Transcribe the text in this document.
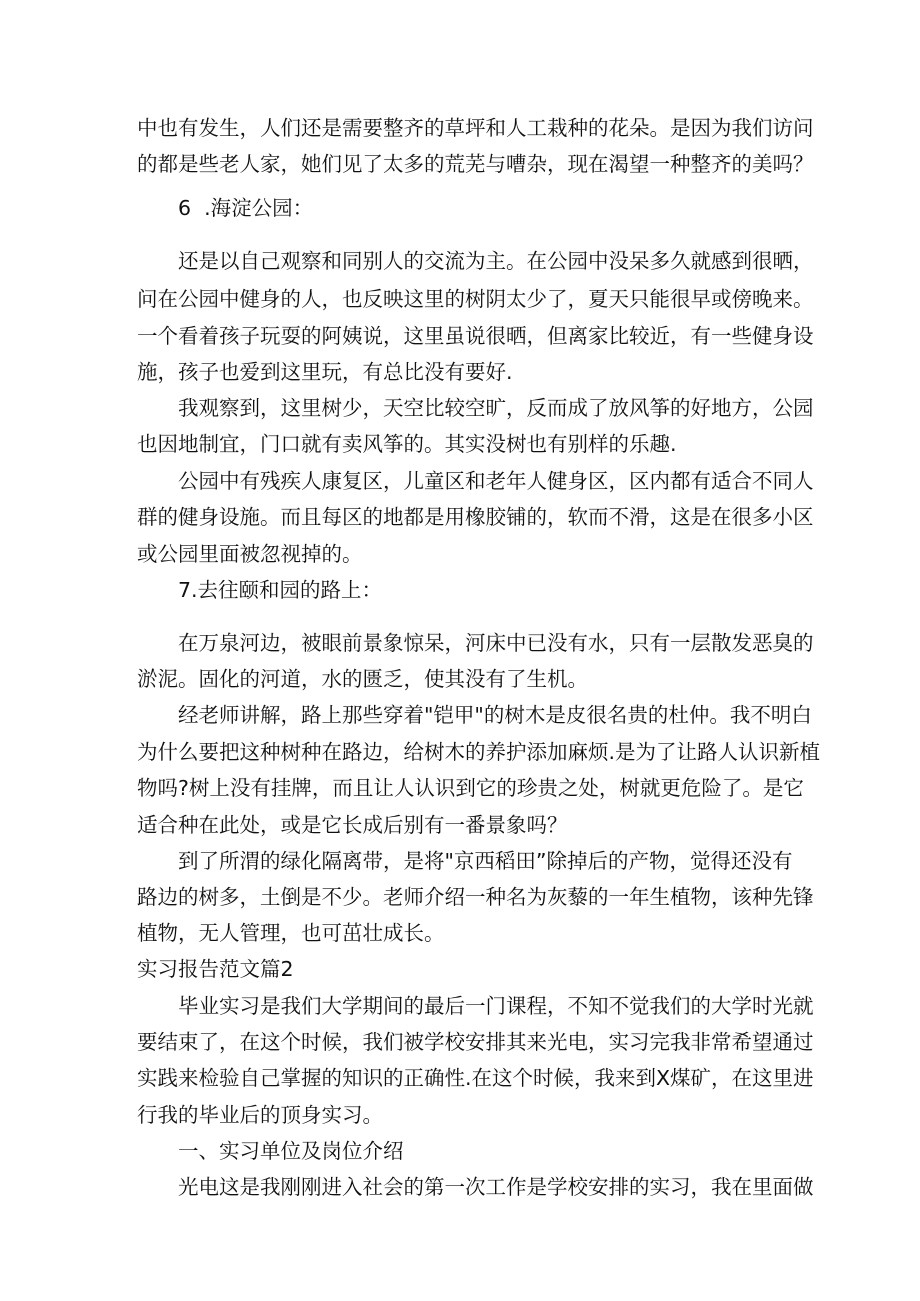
中也有发生，人们还是需要整齐的草坪和人工栽种的花朵。是因为我们访问
的都是些老人家，她们见了太多的荒芜与嘈杂，现在渴望一种整齐的美吗？
6  .海淀公园：
还是以自己观察和同别人的交流为主。在公园中没呆多久就感到很晒，
问在公园中健身的人，也反映这里的树阴太少了，夏天只能很早或傍晚来。
一个看着孩子玩耍的阿姨说，这里虽说很晒，但离家比较近，有一些健身设
施，孩子也爱到这里玩，有总比没有要好.
我观察到，这里树少，天空比较空旷，反而成了放风筝的好地方，公园
也因地制宜，门口就有卖风筝的。其实没树也有别样的乐趣.
公园中有残疾人康复区，儿童区和老年人健身区，区内都有适合不同人
群的健身设施。而且每区的地都是用橡胶铺的，软而不滑，这是在很多小区
或公园里面被忽视掉的。
7.去往颐和园的路上：
在万泉河边，被眼前景象惊呆，河床中已没有水，只有一层散发恶臭的
淤泥。固化的河道，水的匮乏，使其没有了生机。
经老师讲解，路上那些穿着"铠甲"的树木是皮很名贵的杜仲。我不明白
为什么要把这种树种在路边，给树木的养护添加麻烦.是为了让路人认识新植
物吗?树上没有挂牌，而且让人认识到它的珍贵之处，树就更危险了。是它
适合种在此处，或是它长成后别有一番景象吗？
到了所渭的绿化隔离带，是将"京西稻田”除掉后的产物，觉得还没有
路边的树多，土倒是不少。老师介绍一种名为灰藜的一年生植物，该种先锋
植物，无人管理，也可茁壮成长。
实习报告范文篇2
毕业实习是我们大学期间的最后一门课程，不知不觉我们的大学时光就
要结束了，在这个时候，我们被学校安排其来光电，实习完我非常希望通过
实践来检验自己掌握的知识的正确性.在这个时候，我来到X煤矿，在这里进
行我的毕业后的顶身实习。
一、实习单位及岗位介绍
光电这是我刚刚进入社会的第一次工作是学校安排的实习，我在里面做
